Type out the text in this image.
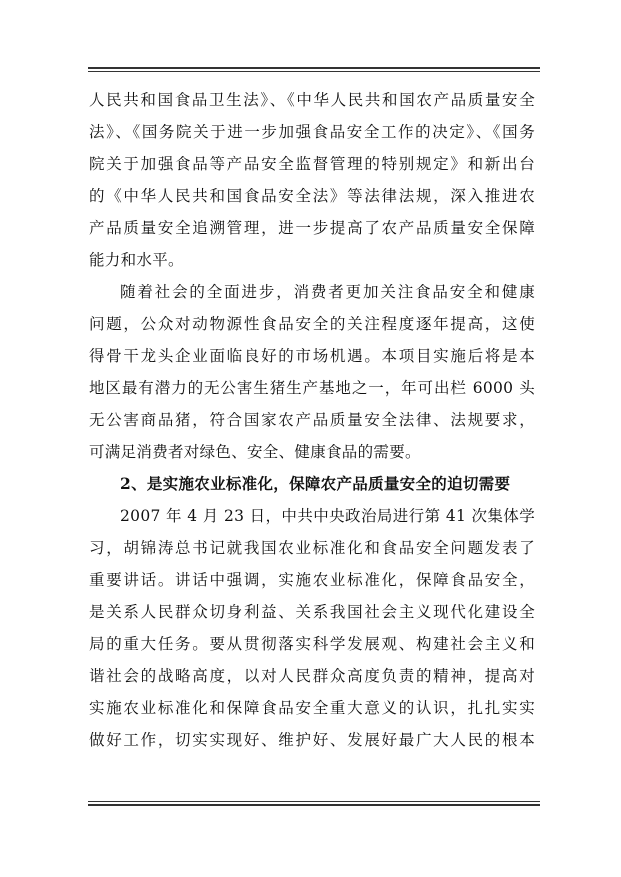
人民共和国食品卫生法》、《中华人民共和国农产品质量安全
法》、《国务院关于进一步加强食品安全工作的决定》、《国务
院关于加强食品等产品安全监督管理的特别规定》和新出台
的《中华人民共和国食品安全法》等法律法规，深入推进农
产品质量安全追溯管理，进一步提高了农产品质量安全保障
能力和水平。
随着社会的全面进步，消费者更加关注食品安全和健康
问题，公众对动物源性食品安全的关注程度逐年提高，这使
得骨干龙头企业面临良好的市场机遇。本项目实施后将是本
地区最有潜力的无公害生猪生产基地之一，年可出栏 6000 头
无公害商品猪，符合国家农产品质量安全法律、法规要求，
可满足消费者对绿色、安全、健康食品的需要。
2、是实施农业标准化，保障农产品质量安全的迫切需要
2007 年 4 月 23 日，中共中央政治局进行第 41 次集体学
习，胡锦涛总书记就我国农业标准化和食品安全问题发表了
重要讲话。讲话中强调，实施农业标准化，保障食品安全，
是关系人民群众切身利益、关系我国社会主义现代化建设全
局的重大任务。要从贯彻落实科学发展观、构建社会主义和
谐社会的战略高度，以对人民群众高度负责的精神，提高对
实施农业标准化和保障食品安全重大意义的认识，扎扎实实
做好工作，切实实现好、维护好、发展好最广大人民的根本
